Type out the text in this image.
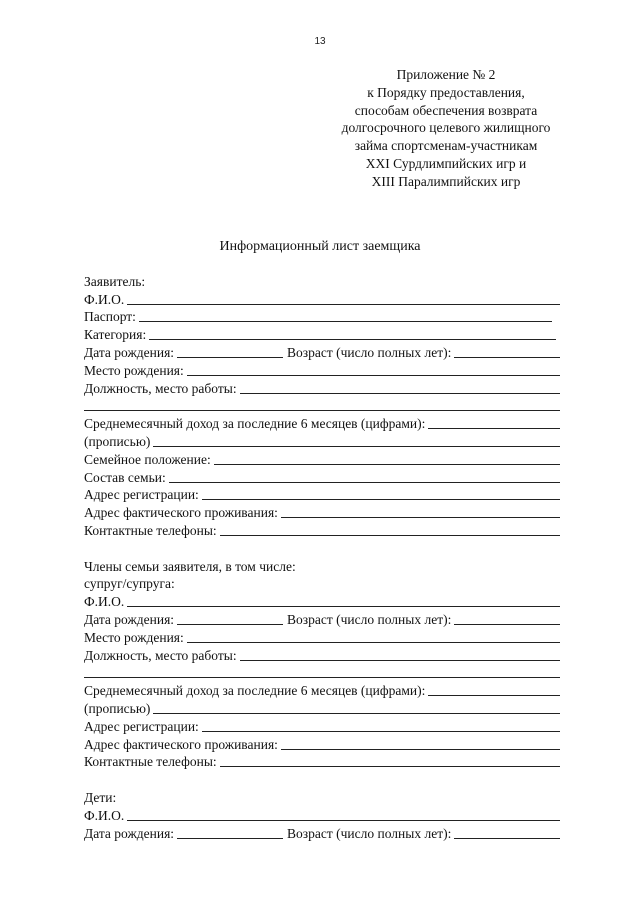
13
Приложение № 2
к Порядку предоставления,
способам обеспечения возврата
долгосрочного целевого жилищного
займа спортсменам-участникам
XXI Сурдлимпийских игр и
XIII Паралимпийских игр
Информационный лист заемщика
Заявитель:
Ф.И.О.
Паспорт:
Категория:
Дата рождения:	Возраст (число полных лет):
Место рождения:
Должность, место работы:
Среднемесячный доход за последние 6 месяцев (цифрами):
(прописью)
Семейное положение:
Состав семьи:
Адрес регистрации:
Адрес фактического проживания:
Контактные телефоны:
Члены семьи заявителя, в том числе:
супруг/супруга:
Ф.И.О.
Дата рождения:	Возраст (число полных лет):
Место рождения:
Должность, место работы:
Среднемесячный доход за последние 6 месяцев (цифрами):
(прописью)
Адрес регистрации:
Адрес фактического проживания:
Контактные телефоны:
Дети:
Ф.И.О.
Дата рождения:	Возраст (число полных лет):
